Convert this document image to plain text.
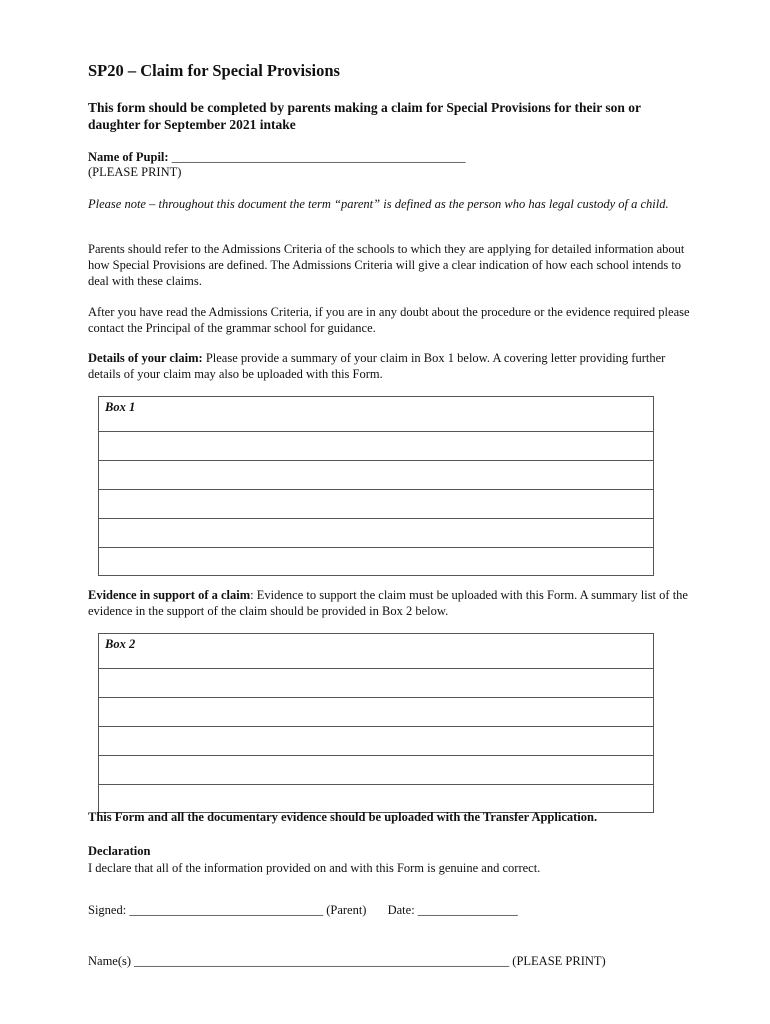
SP20 – Claim for Special Provisions
This form should be completed by parents making a claim for Special Provisions for their son or daughter for September 2021 intake
Name of Pupil: _______________________________________________
(PLEASE PRINT)
Please note – throughout this document the term “parent” is defined as the person who has legal custody of a child.
Parents should refer to the Admissions Criteria of the schools to which they are applying for detailed information about how Special Provisions are defined. The Admissions Criteria will give a clear indication of how each school intends to deal with these claims.
After you have read the Admissions Criteria, if you are in any doubt about the procedure or the evidence required please contact the Principal of the grammar school for guidance.
Details of your claim: Please provide a summary of your claim in Box 1 below. A covering letter providing further details of your claim may also be uploaded with this Form.
Box 1
Evidence in support of a claim: Evidence to support the claim must be uploaded with this Form. A summary list of the evidence in the support of the claim should be provided in Box 2 below.
Box 2
This Form and all the documentary evidence should be uploaded with the Transfer Application.
Declaration
I declare that all of the information provided on and with this Form is genuine and correct.
Signed: _______________________________ (Parent) Date: ________________
Name(s) ____________________________________________________________ (PLEASE PRINT)
